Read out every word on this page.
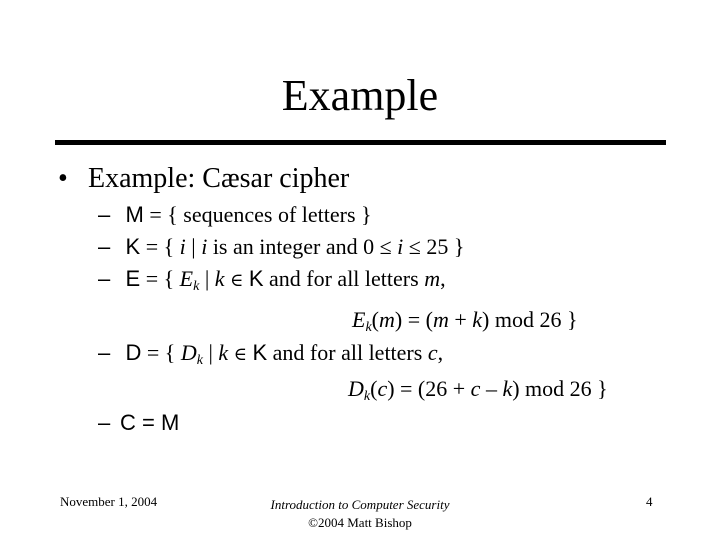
Example
• Example: Cæsar cipher
– M = { sequences of letters }
– K = { i | i is an integer and 0 ≤ i ≤ 25 }
– E = { $E_k$ | k ∈ K and for all letters m,
$E_k(m) = (m + k)$ mod 26 }
– D = { $D_k$ | k ∈ K and for all letters c,
$D_k(c) = (26 + c - k)$ mod 26 }
– C = M
November 1, 2004	Introduction to Computer Security
©2004 Matt Bishop
4
